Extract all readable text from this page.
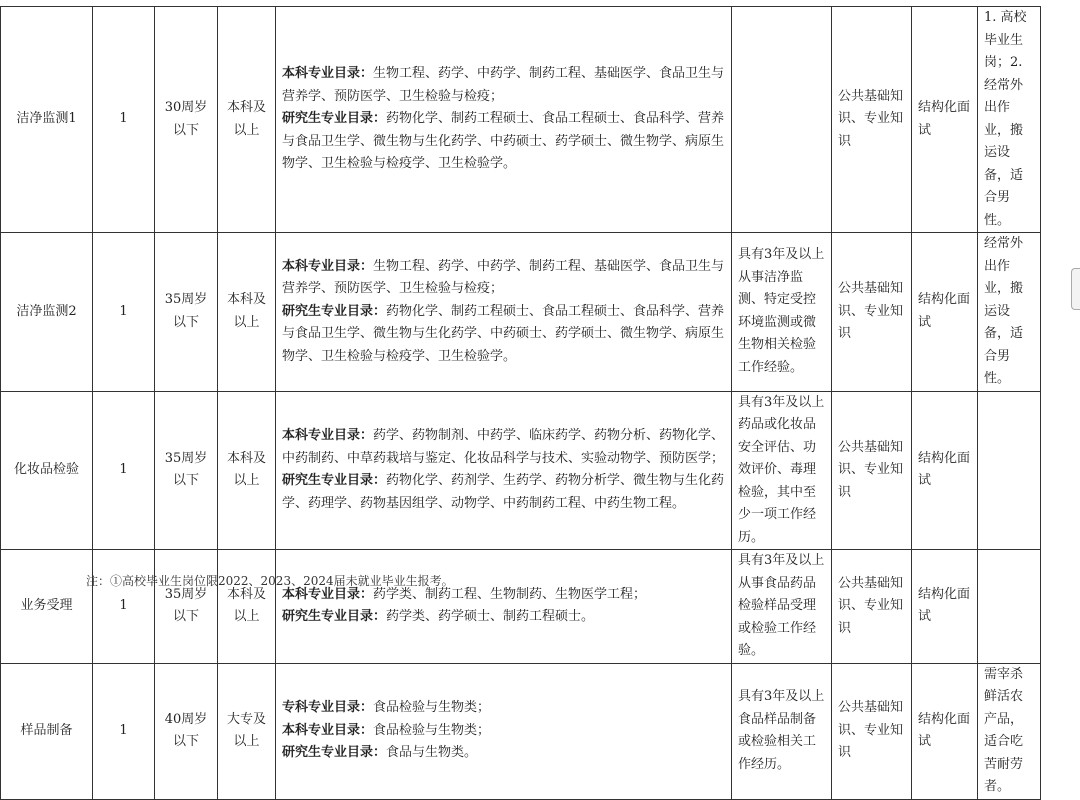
洁净监测1	1	30周岁以下	本科及以上	本科专业目录：生物工程、药学、中药学、制药工程、基础医学、食品卫生与营养学、预防医学、卫生检验与检疫；
研究生专业目录：药物化学、制药工程硕士、食品工程硕士、食品科学、营养与食品卫生学、微生物与生化药学、中药硕士、药学硕士、微生物学、病原生物学、卫生检验与检疫学、卫生检验学。		公共基础知识、专业知识	结构化面试	1. 高校毕业生岗；2. 经常外出作业，搬运设备，适合男性。
洁净监测2	1	35周岁以下	本科及以上	本科专业目录：生物工程、药学、中药学、制药工程、基础医学、食品卫生与营养学、预防医学、卫生检验与检疫；
研究生专业目录：药物化学、制药工程硕士、食品工程硕士、食品科学、营养与食品卫生学、微生物与生化药学、中药硕士、药学硕士、微生物学、病原生物学、卫生检验与检疫学、卫生检验学。	具有3年及以上从事洁净监测、特定受控环境监测或微生物相关检验工作经验。	公共基础知识、专业知识	结构化面试	经常外出作业，搬运设备，适合男性。
化妆品检验	1	35周岁以下	本科及以上	本科专业目录：药学、药物制剂、中药学、临床药学、药物分析、药物化学、中药制药、中草药栽培与鉴定、化妆品科学与技术、实验动物学、预防医学；
研究生专业目录：药物化学、药剂学、生药学、药物分析学、微生物与生化药学、药理学、药物基因组学、动物学、中药制药工程、中药生物工程。	具有3年及以上药品或化妆品安全评估、功效评价、毒理检验，其中至少一项工作经历。	公共基础知识、专业知识	结构化面试	
业务受理	1	35周岁以下	本科及以上	本科专业目录：药学类、制药工程、生物制药、生物医学工程；
研究生专业目录：药学类、药学硕士、制药工程硕士。	具有3年及以上从事食品药品检验样品受理或检验工作经验。	公共基础知识、专业知识	结构化面试	
样品制备	1	40周岁以下	大专及以上	专科专业目录：食品检验与生物类；
本科专业目录：食品检验与生物类；
研究生专业目录：食品与生物类。	具有3年及以上食品样品制备或检验相关工作经历。	公共基础知识、专业知识	结构化面试	需宰杀鲜活农产品，适合吃苦耐劳者。
注：①高校毕业生岗位限2022、2023、2024届未就业毕业生报考。
